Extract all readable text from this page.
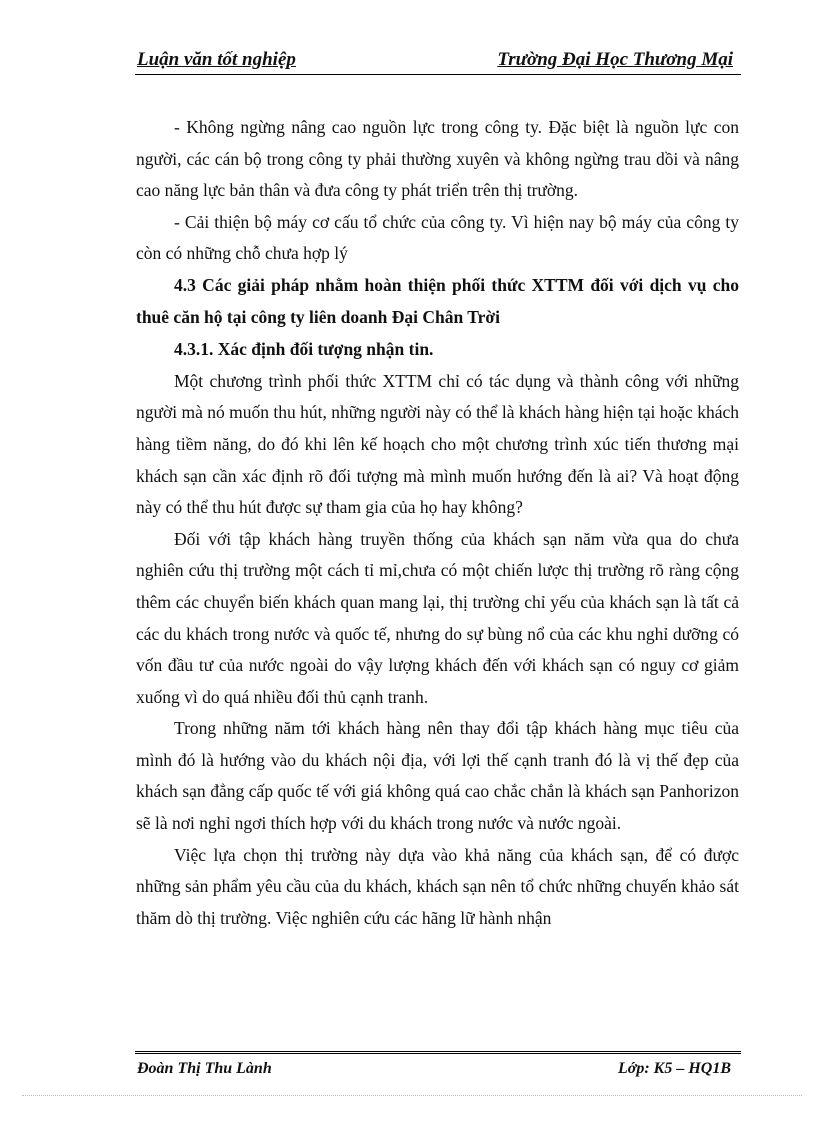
Luận văn tốt nghiệp	Trường Đại Học Thương Mại

- Không ngừng nâng cao nguồn lực trong công ty. Đặc biệt là nguồn lực con người, các cán bộ trong công ty phải thường xuyên và không ngừng trau dồi và nâng cao năng lực bản thân và đưa công ty phát triển trên thị trường.

- Cải thiện bộ máy cơ cấu tổ chức của công ty. Vì hiện nay bộ máy của công ty còn có những chỗ chưa hợp lý

4.3 Các giải pháp nhằm hoàn thiện phối thức XTTM đối với dịch vụ cho thuê căn hộ tại công ty liên doanh Đại Chân Trời

4.3.1. Xác định đối tượng nhận tin.

Một chương trình phối thức XTTM chỉ có tác dụng và thành công với những người mà nó muốn thu hút, những người này có thể là khách hàng hiện tại hoặc khách hàng tiềm năng, do đó khi lên kế hoạch cho một chương trình xúc tiến thương mại khách sạn cần xác định rõ đối tượng mà mình muốn hướng đến là ai? Và hoạt động này có thể thu hút được sự tham gia của họ hay không?

Đối với tập khách hàng truyền thống của khách sạn năm vừa qua do chưa nghiên cứu thị trường một cách tỉ mỉ,chưa có một chiến lược thị trường rõ ràng cộng thêm các chuyển biến khách quan mang lại, thị trường chỉ yếu của khách sạn là tất cả các du khách trong nước và quốc tế, nhưng do sự bùng nổ của các khu nghỉ dưỡng có vốn đầu tư của nước ngoài do vậy lượng khách đến với khách sạn có nguy cơ giảm xuống vì do quá nhiều đối thủ cạnh tranh.

Trong những năm tới khách hàng nên thay đổi tập khách hàng mục tiêu của mình đó là hướng vào du khách nội địa, với lợi thế cạnh tranh đó là vị thế đẹp của khách sạn đẳng cấp quốc tế với giá không quá cao chắc chắn là khách sạn Panhorizon sẽ là nơi nghỉ ngơi thích hợp với du khách trong nước và nước ngoài.

Việc lựa chọn thị trường này dựa vào khả năng của khách sạn, để có được những sản phẩm yêu cầu của du khách, khách sạn nên tổ chức những chuyến khảo sát thăm dò thị trường. Việc nghiên cứu các hãng lữ hành nhận

Đoàn Thị Thu Lành	Lớp: K5 – HQ1B
